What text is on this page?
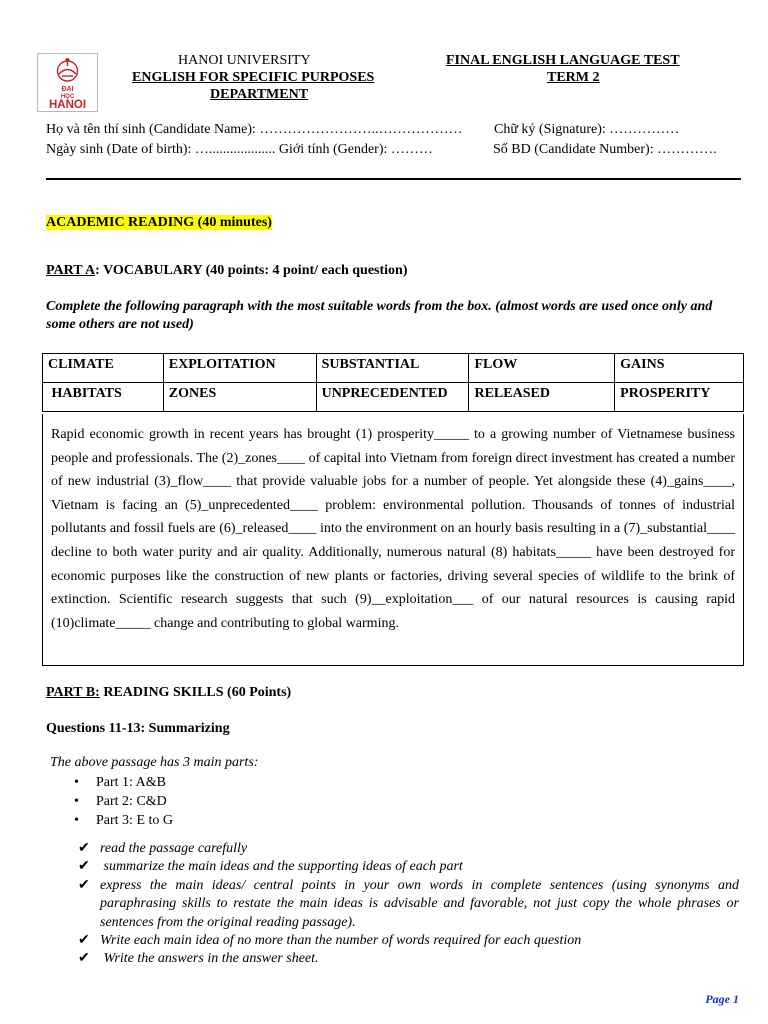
ĐẠI
HỌC
HANOI
HANOI UNIVERSITY
ENGLISH FOR SPECIFIC PURPOSES
DEPARTMENT
FINAL ENGLISH LANGUAGE TEST
TERM 2
Họ và tên thí sinh (Candidate Name): ……………………..……………… Chữ ký (Signature): ……………
Ngày sinh (Date of birth): …................... Giới tính (Gender): ………	Số BD (Candidate Number): ………….
ACADEMIC READING (40 minutes)
PART A: VOCABULARY (40 points: 4 point/ each question)
Complete the following paragraph with the most suitable words from the box. (almost words are used once only and some others are not used)
CLIMATE	EXPLOITATION	SUBSTANTIAL	FLOW	GAINS
HABITATS	ZONES	UNPRECEDENTED	RELEASED	PROSPERITY
Rapid economic growth in recent years has brought (1) prosperity_____ to a growing number of Vietnamese business people and professionals. The (2)_zones____ of capital into Vietnam from foreign direct investment has created a number of new industrial (3)_flow____ that provide valuable jobs for a number of people. Yet alongside these (4)_gains____, Vietnam is facing an (5)_unprecedented____ problem: environmental pollution. Thousands of tonnes of industrial pollutants and fossil fuels are (6)_released____ into the environment on an hourly basis resulting in a (7)_substantial____ decline to both water purity and air quality. Additionally, numerous natural (8) habitats_____ have been destroyed for economic purposes like the construction of new plants or factories, driving several species of wildlife to the brink of extinction. Scientific research suggests that such (9)__exploitation___ of our natural resources is causing rapid (10)climate_____ change and contributing to global warming.
PART B: READING SKILLS (60 Points)
Questions 11-13: Summarizing
The above passage has 3 main parts:
• Part 1: A&B
• Part 2: C&D
• Part 3: E to G
✔ read the passage carefully
✔ summarize the main ideas and the supporting ideas of each part
✔ express the main ideas/ central points in your own words in complete sentences (using synonyms and paraphrasing skills to restate the main ideas is advisable and favorable, not just copy the whole phrases or sentences from the original reading passage).
✔ Write each main idea of no more than the number of words required for each question
✔ Write the answers in the answer sheet.
Page 1
